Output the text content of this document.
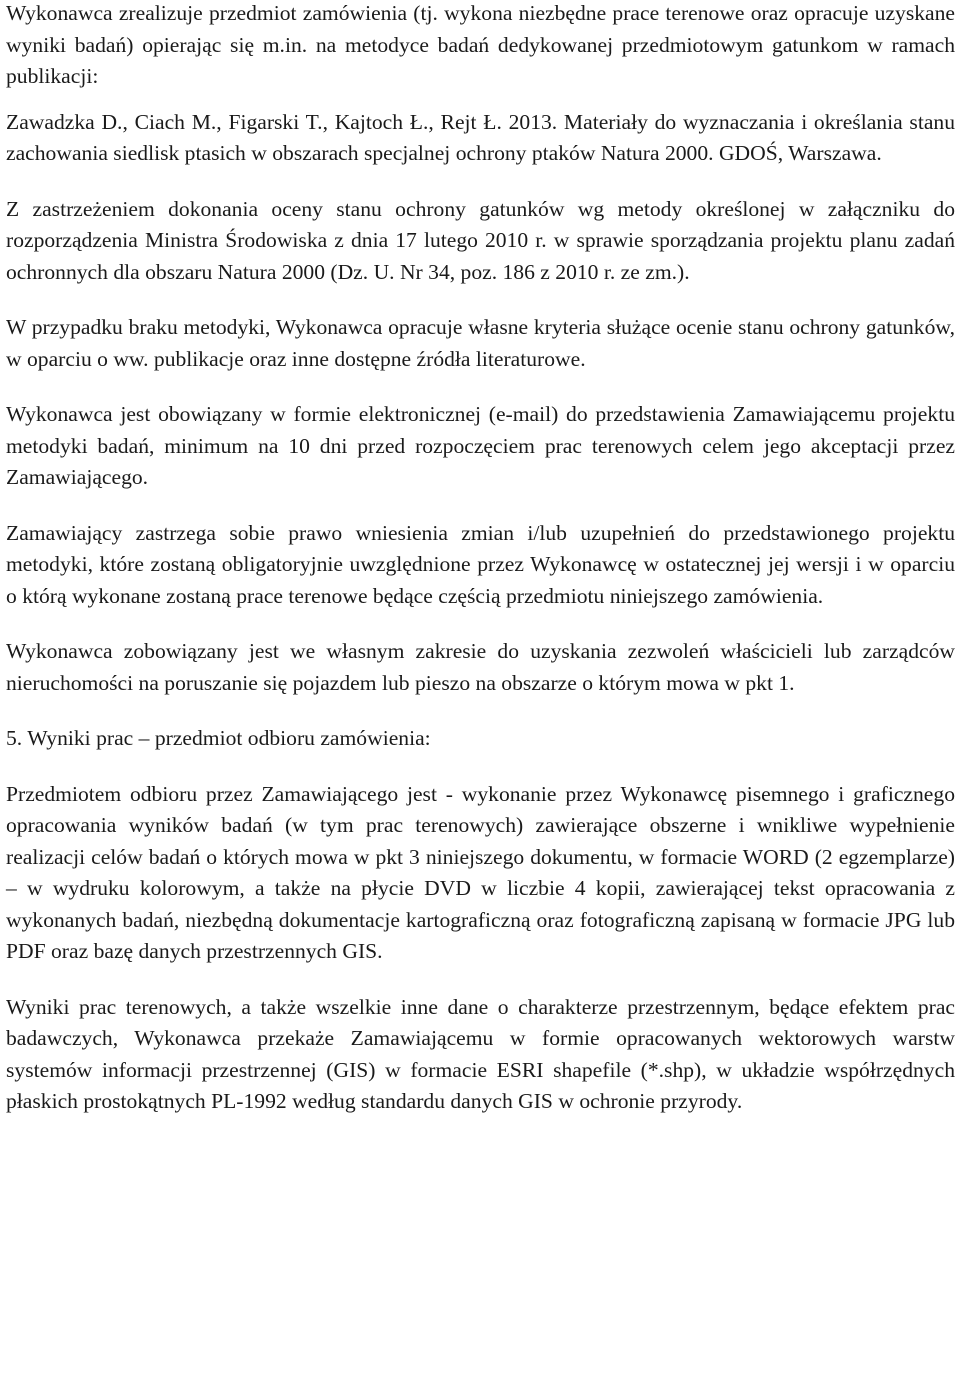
Wykonawca zrealizuje przedmiot zamówienia (tj. wykona niezbędne prace terenowe oraz opracuje uzyskane wyniki badań) opierając się m.in. na metodyce badań dedykowanej przedmiotowym gatunkom w ramach publikacji:

Zawadzka D., Ciach M., Figarski T., Kajtoch Ł., Rejt Ł. 2013. Materiały do wyznaczania i określania stanu zachowania siedlisk ptasich w obszarach specjalnej ochrony ptaków Natura 2000. GDOŚ, Warszawa.

Z zastrzeżeniem dokonania oceny stanu ochrony gatunków wg metody określonej w załączniku do rozporządzenia Ministra Środowiska z dnia 17 lutego 2010 r. w sprawie sporządzania projektu planu zadań ochronnych dla obszaru Natura 2000 (Dz. U. Nr 34, poz. 186 z 2010 r. ze zm.).

W przypadku braku metodyki, Wykonawca opracuje własne kryteria służące ocenie stanu ochrony gatunków, w oparciu o ww. publikacje oraz inne dostępne źródła literaturowe.

Wykonawca jest obowiązany w formie elektronicznej (e-mail) do przedstawienia Zamawiającemu projektu metodyki badań, minimum na 10 dni przed rozpoczęciem prac terenowych celem jego akceptacji przez Zamawiającego.

Zamawiający zastrzega sobie prawo wniesienia zmian i/lub uzupełnień do przedstawionego projektu metodyki, które zostaną obligatoryjnie uwzględnione przez Wykonawcę w ostatecznej jej wersji i w oparciu o którą wykonane zostaną prace terenowe będące częścią przedmiotu niniejszego zamówienia.

Wykonawca zobowiązany jest we własnym zakresie do uzyskania zezwoleń właścicieli lub zarządców nieruchomości na poruszanie się pojazdem lub pieszo na obszarze o którym mowa w pkt 1.

5. Wyniki prac – przedmiot odbioru zamówienia:

Przedmiotem odbioru przez Zamawiającego jest - wykonanie przez Wykonawcę pisemnego i graficznego opracowania wyników badań (w tym prac terenowych) zawierające obszerne i wnikliwe wypełnienie realizacji celów badań o których mowa w pkt 3 niniejszego dokumentu, w formacie WORD (2 egzemplarze) – w wydruku kolorowym, a także na płycie DVD w liczbie 4 kopii, zawierającej tekst opracowania z wykonanych badań, niezbędną dokumentacje kartograficzną oraz fotograficzną zapisaną w formacie JPG lub PDF oraz bazę danych przestrzennych GIS.

Wyniki prac terenowych, a także wszelkie inne dane o charakterze przestrzennym, będące efektem prac badawczych, Wykonawca przekaże Zamawiającemu w formie opracowanych wektorowych warstw systemów informacji przestrzennej (GIS) w formacie ESRI shapefile (*.shp), w układzie współrzędnych płaskich prostokątnych PL-1992 według standardu danych GIS w ochronie przyrody.
